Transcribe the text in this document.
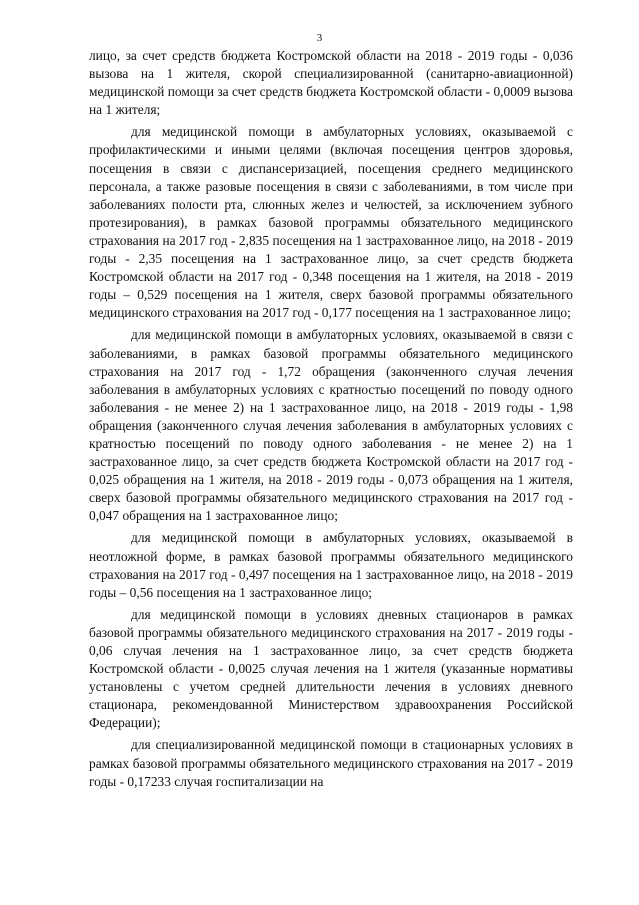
3

лицо, за счет средств бюджета Костромской области на 2018 - 2019 годы - 0,036 вызова на 1 жителя, скорой специализированной (санитарно-авиационной) медицинской помощи за счет средств бюджета Костромской области - 0,0009 вызова на 1 жителя;

для медицинской помощи в амбулаторных условиях, оказываемой с профилактическими и иными целями (включая посещения центров здоровья, посещения в связи с диспансеризацией, посещения среднего медицинского персонала, а также разовые посещения в связи с заболеваниями, в том числе при заболеваниях полости рта, слюнных желез и челюстей, за исключением зубного протезирования), в рамках базовой программы обязательного медицинского страхования на 2017 год - 2,835 посещения на 1 застрахованное лицо, на 2018 - 2019 годы - 2,35 посещения на 1 застрахованное лицо, за счет средств бюджета Костромской области на 2017 год - 0,348 посещения на 1 жителя, на 2018 - 2019 годы – 0,529 посещения на 1 жителя, сверх базовой программы обязательного медицинского страхования на 2017 год - 0,177 посещения на 1 застрахованное лицо;

для медицинской помощи в амбулаторных условиях, оказываемой в связи с заболеваниями, в рамках базовой программы обязательного медицинского страхования на 2017 год - 1,72 обращения (законченного случая лечения заболевания в амбулаторных условиях с кратностью посещений по поводу одного заболевания - не менее 2) на 1 застрахованное лицо, на 2018 - 2019 годы - 1,98 обращения (законченного случая лечения заболевания в амбулаторных условиях с кратностью посещений по поводу одного заболевания - не менее 2) на 1 застрахованное лицо, за счет средств бюджета Костромской области на 2017 год - 0,025 обращения на 1 жителя, на 2018 - 2019 годы - 0,073 обращения на 1 жителя, сверх базовой программы обязательного медицинского страхования на 2017 год - 0,047 обращения на 1 застрахованное лицо;

для медицинской помощи в амбулаторных условиях, оказываемой в неотложной форме, в рамках базовой программы обязательного медицинского страхования на 2017 год - 0,497 посещения на 1 застрахованное лицо, на 2018 - 2019 годы – 0,56 посещения на 1 застрахованное лицо;

для медицинской помощи в условиях дневных стационаров в рамках базовой программы обязательного медицинского страхования на 2017 - 2019 годы - 0,06 случая лечения на 1 застрахованное лицо, за счет средств бюджета Костромской области - 0,0025 случая лечения на 1 жителя (указанные нормативы установлены с учетом средней длительности лечения в условиях дневного стационара, рекомендованной Министерством здравоохранения Российской Федерации);

для специализированной медицинской помощи в стационарных условиях в рамках базовой программы обязательного медицинского страхования на 2017 - 2019 годы - 0,17233 случая госпитализации на
